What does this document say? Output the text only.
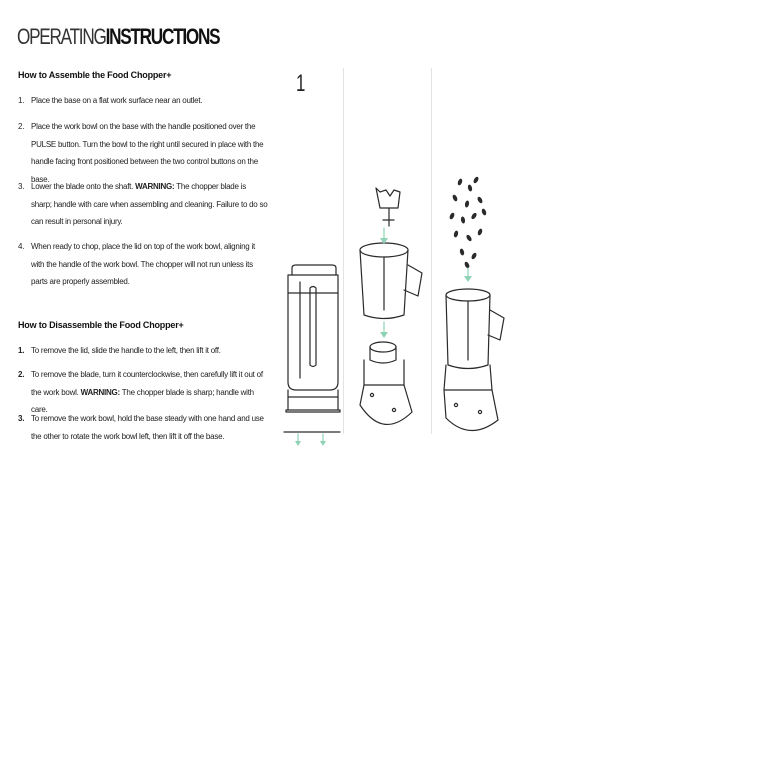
OPERATINGINSTRUCTIONS
How to Assemble the Food Chopper+
1. Place the base on a flat work surface near an outlet.
2. Place the work bowl on the base with the handle positioned over the PULSE button. Turn the bowl to the right until secured in place with the handle facing front positioned between the two control buttons on the base.
3. Lower the blade onto the shaft. WARNING: The chopper blade is sharp; handle with care when assembling and cleaning. Failure to do so can result in personal injury.
4. When ready to chop, place the lid on top of the work bowl, aligning it with the handle of the work bowl. The chopper will not run unless its parts are properly assembled.
How to Disassemble the Food Chopper+
1. To remove the lid, slide the handle to the left, then lift it off.
2. To remove the blade, turn it counterclockwise, then carefully lift it out of the work bowl. WARNING: The chopper blade is sharp; handle with care.
3. To remove the work bowl, hold the base steady with one hand and use the other to rotate the work bowl left, then lift it off the base.
1
